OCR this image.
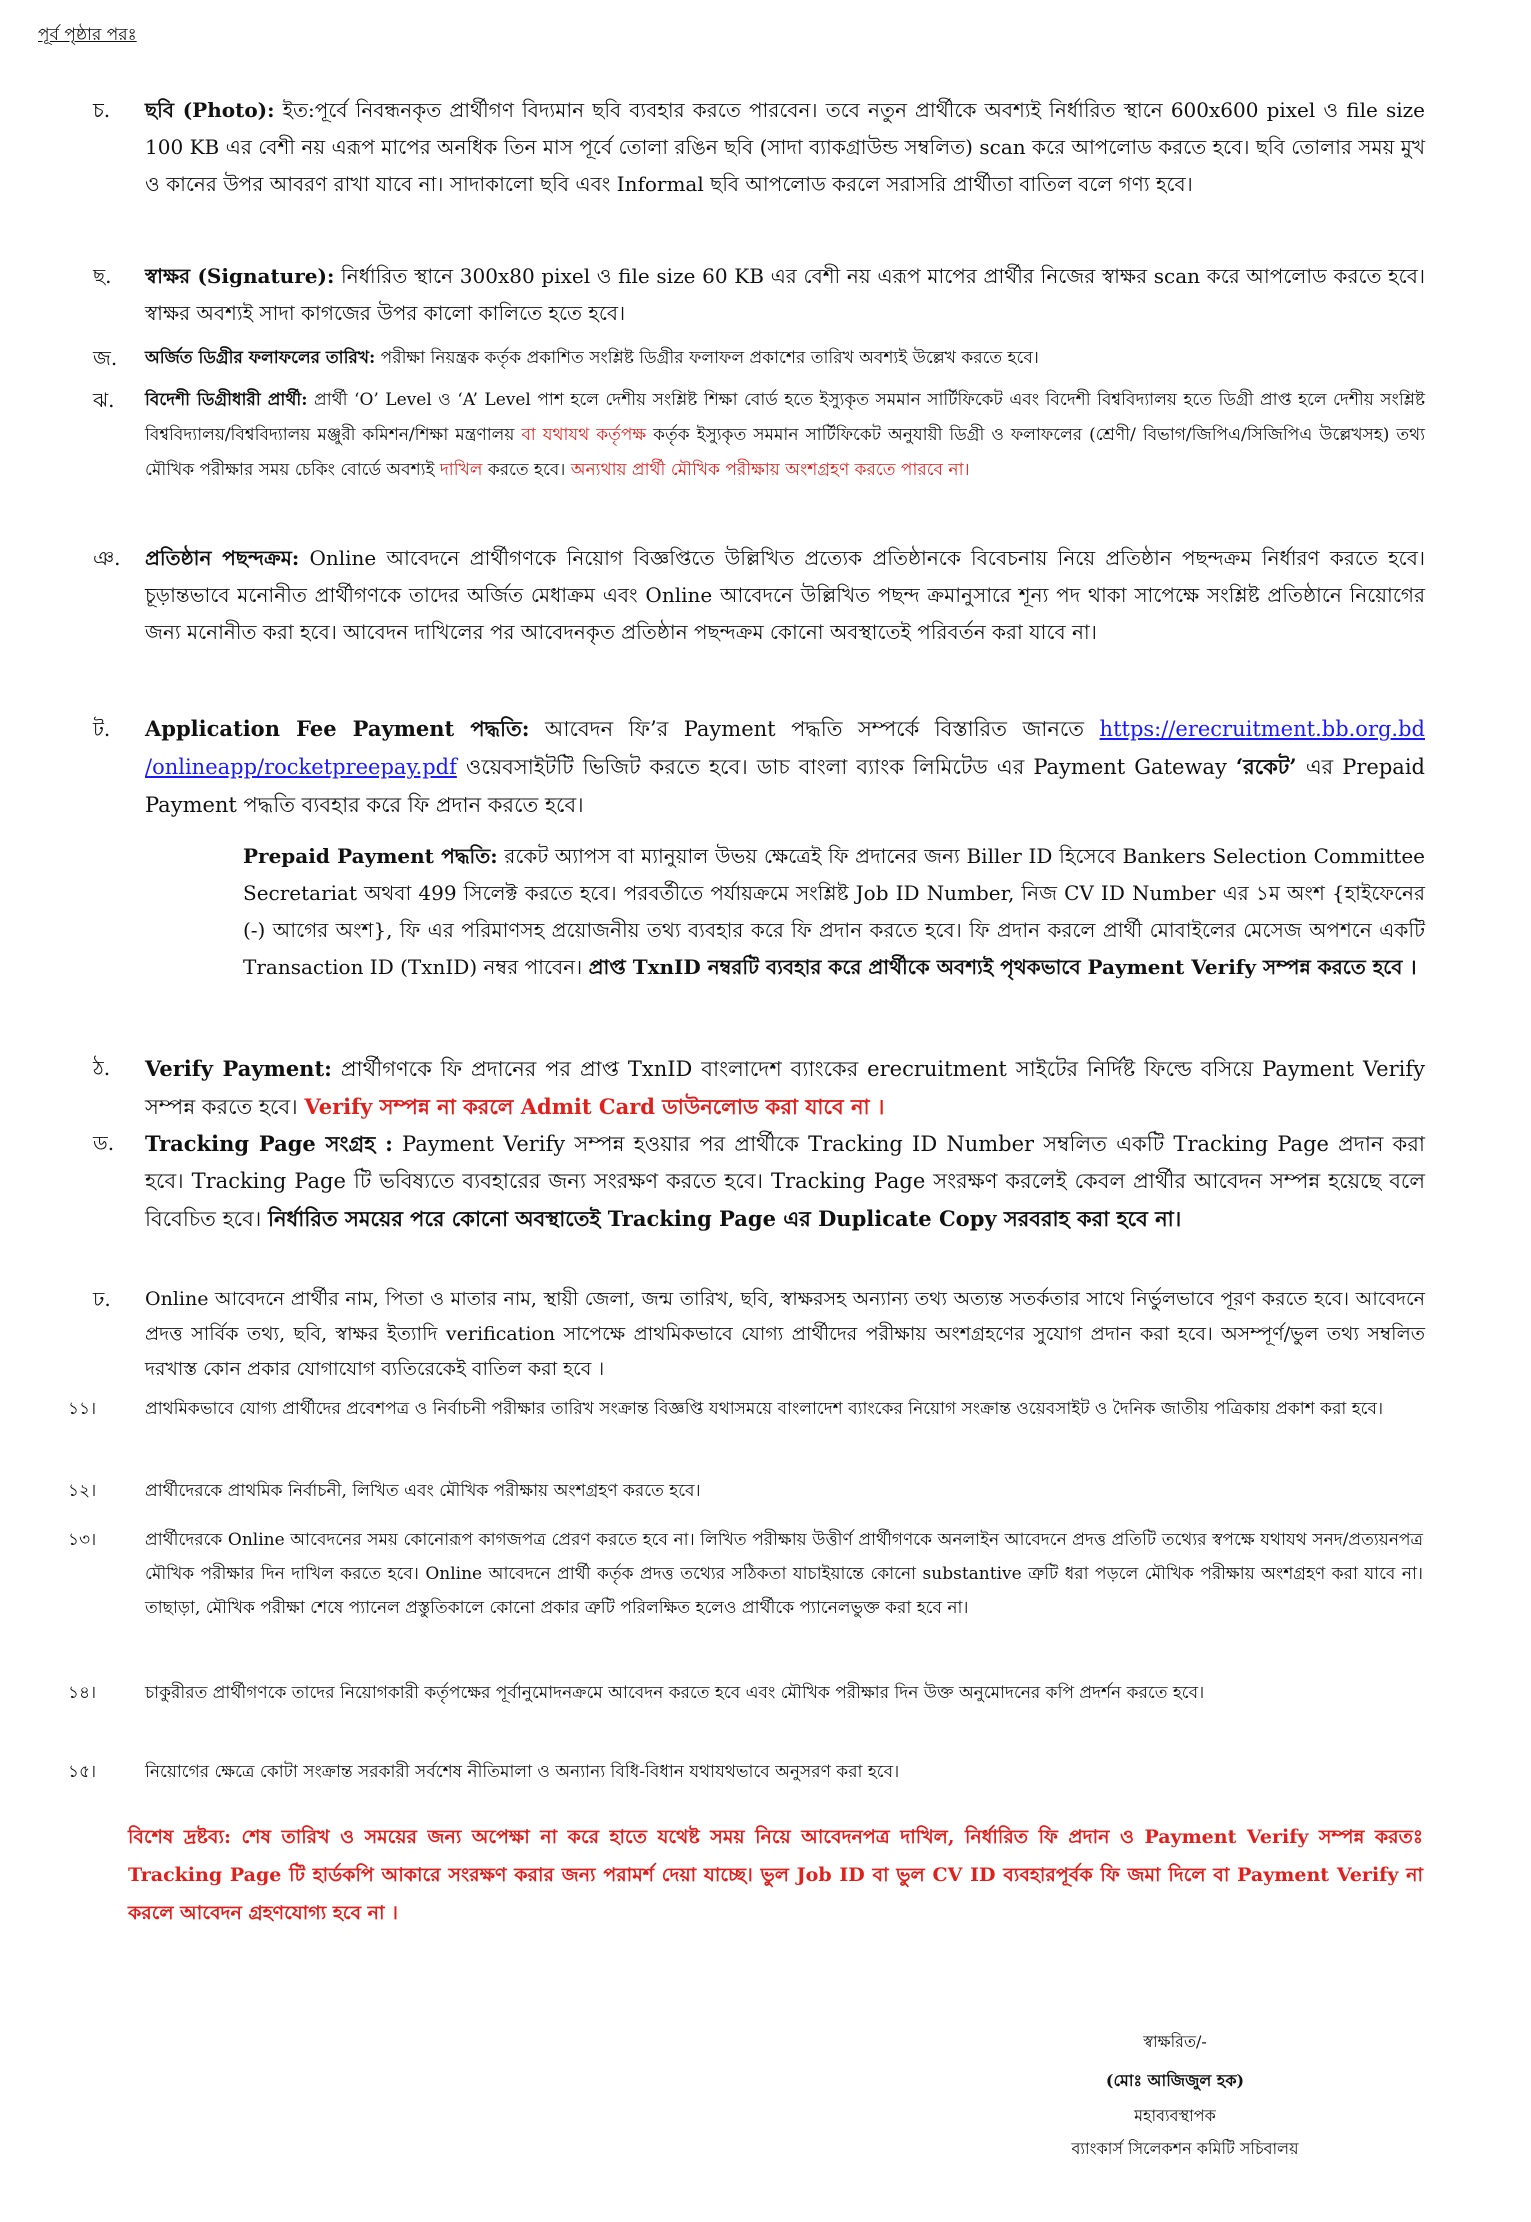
পূর্ব পৃষ্ঠার পরঃ
চ.	ছবি (Photo): ইত:পূর্বে নিবন্ধনকৃত প্রার্থীগণ বিদ্যমান ছবি ব্যবহার করতে পারবেন। তবে নতুন প্রার্থীকে অবশ্যই নির্ধারিত স্থানে 600x600 pixel ও file size 100 KB এর বেশী নয় এরূপ মাপের অনধিক তিন মাস পূর্বে তোলা রঙিন ছবি (সাদা ব্যাকগ্রাউন্ড সম্বলিত) scan করে আপলোড করতে হবে। ছবি তোলার সময় মুখ ও কানের উপর আবরণ রাখা যাবে না। সাদাকালো ছবি এবং Informal ছবি আপলোড করলে সরাসরি প্রার্থীতা বাতিল বলে গণ্য হবে।
ছ.	স্বাক্ষর (Signature): নির্ধারিত স্থানে 300x80 pixel ও file size 60 KB এর বেশী নয় এরূপ মাপের প্রার্থীর নিজের স্বাক্ষর scan করে আপলোড করতে হবে। স্বাক্ষর অবশ্যই সাদা কাগজের উপর কালো কালিতে হতে হবে।
জ.	অর্জিত ডিগ্রীর ফলাফলের তারিখ: পরীক্ষা নিয়ন্ত্রক কর্তৃক প্রকাশিত সংশ্লিষ্ট ডিগ্রীর ফলাফল প্রকাশের তারিখ অবশ্যই উল্লেখ করতে হবে।
ঝ.	বিদেশী ডিগ্রীধারী প্রার্থী: প্রার্থী ‘O’ Level ও ‘A’ Level পাশ হলে দেশীয় সংশ্লিষ্ট শিক্ষা বোর্ড হতে ইস্যুকৃত সমমান সার্টিফিকেট এবং বিদেশী বিশ্ববিদ্যালয় হতে ডিগ্রী প্রাপ্ত হলে দেশীয় সংশ্লিষ্ট বিশ্ববিদ্যালয়/বিশ্ববিদ্যালয় মঞ্জুরী কমিশন/শিক্ষা মন্ত্রণালয় বা যথাযথ কর্তৃপক্ষ কর্তৃক ইস্যুকৃত সমমান সার্টিফিকেট অনুযায়ী ডিগ্রী ও ফলাফলের (শ্রেণী/ বিভাগ/জিপিএ/সিজিপিএ উল্লেখসহ) তথ্য মৌখিক পরীক্ষার সময় চেকিং বোর্ডে অবশ্যই দাখিল করতে হবে। অন্যথায় প্রার্থী মৌখিক পরীক্ষায় অংশগ্রহণ করতে পারবে না।
ঞ.	প্রতিষ্ঠান পছন্দক্রম: Online আবেদনে প্রার্থীগণকে নিয়োগ বিজ্ঞপ্তিতে উল্লিখিত প্রত্যেক প্রতিষ্ঠানকে বিবেচনায় নিয়ে প্রতিষ্ঠান পছন্দক্রম নির্ধারণ করতে হবে। চূড়ান্তভাবে মনোনীত প্রার্থীগণকে তাদের অর্জিত মেধাক্রম এবং Online আবেদনে উল্লিখিত পছন্দ ক্রমানুসারে শূন্য পদ থাকা সাপেক্ষে সংশ্লিষ্ট প্রতিষ্ঠানে নিয়োগের জন্য মনোনীত করা হবে। আবেদন দাখিলের পর আবেদনকৃত প্রতিষ্ঠান পছন্দক্রম কোনো অবস্থাতেই পরিবর্তন করা যাবে না।
ট.	Application Fee Payment পদ্ধতি: আবেদন ফি’র Payment পদ্ধতি সম্পর্কে বিস্তারিত জানতে https://erecruitment.bb.org.bd /onlineapp/rocketpreepay.pdf ওয়েবসাইটটি ভিজিট করতে হবে। ডাচ বাংলা ব্যাংক লিমিটেড এর Payment Gateway ‘রকেট’ এর Prepaid Payment পদ্ধতি ব্যবহার করে ফি প্রদান করতে হবে।
Prepaid Payment পদ্ধতি: রকেট অ্যাপস বা ম্যানুয়াল উভয় ক্ষেত্রেই ফি প্রদানের জন্য Biller ID হিসেবে Bankers Selection Committee Secretariat অথবা 499 সিলেক্ট করতে হবে। পরবর্তীতে পর্যায়ক্রমে সংশ্লিষ্ট Job ID Number, নিজ CV ID Number এর ১ম অংশ {হাইফেনের (-) আগের অংশ}, ফি এর পরিমাণসহ প্রয়োজনীয় তথ্য ব্যবহার করে ফি প্রদান করতে হবে। ফি প্রদান করলে প্রার্থী মোবাইলের মেসেজ অপশনে একটি Transaction ID (TxnID) নম্বর পাবেন। প্রাপ্ত TxnID নম্বরটি ব্যবহার করে প্রার্থীকে অবশ্যই পৃথকভাবে Payment Verify সম্পন্ন করতে হবে ।
ঠ.	Verify Payment: প্রার্থীগণকে ফি প্রদানের পর প্রাপ্ত TxnID বাংলাদেশ ব্যাংকের erecruitment সাইটের নির্দিষ্ট ফিল্ডে বসিয়ে Payment Verify সম্পন্ন করতে হবে। Verify সম্পন্ন না করলে Admit Card ডাউনলোড করা যাবে না ।
ড.	Tracking Page সংগ্রহ : Payment Verify সম্পন্ন হওয়ার পর প্রার্থীকে Tracking ID Number সম্বলিত একটি Tracking Page প্রদান করা হবে। Tracking Page টি ভবিষ্যতে ব্যবহারের জন্য সংরক্ষণ করতে হবে। Tracking Page সংরক্ষণ করলেই কেবল প্রার্থীর আবেদন সম্পন্ন হয়েছে বলে বিবেচিত হবে। নির্ধারিত সময়ের পরে কোনো অবস্থাতেই Tracking Page এর Duplicate Copy সরবরাহ করা হবে না।
ঢ.	Online আবেদনে প্রার্থীর নাম, পিতা ও মাতার নাম, স্থায়ী জেলা, জন্ম তারিখ, ছবি, স্বাক্ষরসহ অন্যান্য তথ্য অত্যন্ত সতর্কতার সাথে নির্ভুলভাবে পূরণ করতে হবে। আবেদনে প্রদত্ত সার্বিক তথ্য, ছবি, স্বাক্ষর ইত্যাদি verification সাপেক্ষে প্রাথমিকভাবে যোগ্য প্রার্থীদের পরীক্ষায় অংশগ্রহণের সুযোগ প্রদান করা হবে। অসম্পূর্ণ/ভুল তথ্য সম্বলিত দরখাস্ত কোন প্রকার যোগাযোগ ব্যতিরেকেই বাতিল করা হবে ।
১১।	প্রাথমিকভাবে যোগ্য প্রার্থীদের প্রবেশপত্র ও নির্বাচনী পরীক্ষার তারিখ সংক্রান্ত বিজ্ঞপ্তি যথাসময়ে বাংলাদেশ ব্যাংকের নিয়োগ সংক্রান্ত ওয়েবসাইট ও দৈনিক জাতীয় পত্রিকায় প্রকাশ করা হবে।
১২।	প্রার্থীদেরকে প্রাথমিক নির্বাচনী, লিখিত এবং মৌখিক পরীক্ষায় অংশগ্রহণ করতে হবে।
১৩।	প্রার্থীদেরকে Online আবেদনের সময় কোনোরূপ কাগজপত্র প্রেরণ করতে হবে না। লিখিত পরীক্ষায় উত্তীর্ণ প্রার্থীগণকে অনলাইন আবেদনে প্রদত্ত প্রতিটি তথ্যের স্বপক্ষে যথাযথ সনদ/প্রত্যয়নপত্র মৌখিক পরীক্ষার দিন দাখিল করতে হবে। Online আবেদনে প্রার্থী কর্তৃক প্রদত্ত তথ্যের সঠিকতা যাচাইয়ান্তে কোনো substantive ত্রুটি ধরা পড়লে মৌখিক পরীক্ষায় অংশগ্রহণ করা যাবে না। তাছাড়া, মৌখিক পরীক্ষা শেষে প্যানেল প্রস্তুতিকালে কোনো প্রকার ত্রুটি পরিলক্ষিত হলেও প্রার্থীকে প্যানেলভুক্ত করা হবে না।
১৪।	চাকুরীরত প্রার্থীগণকে তাদের নিয়োগকারী কর্তৃপক্ষের পূর্বানুমোদনক্রমে আবেদন করতে হবে এবং মৌখিক পরীক্ষার দিন উক্ত অনুমোদনের কপি প্রদর্শন করতে হবে।
১৫।	নিয়োগের ক্ষেত্রে কোটা সংক্রান্ত সরকারী সর্বশেষ নীতিমালা ও অন্যান্য বিধি-বিধান যথাযথভাবে অনুসরণ করা হবে।
বিশেষ দ্রষ্টব্য: শেষ তারিখ ও সময়ের জন্য অপেক্ষা না করে হাতে যথেষ্ট সময় নিয়ে আবেদনপত্র দাখিল, নির্ধারিত ফি প্রদান ও Payment Verify সম্পন্ন করতঃ Tracking Page টি হার্ডকপি আকারে সংরক্ষণ করার জন্য পরামর্শ দেয়া যাচ্ছে। ভুল Job ID বা ভুল CV ID ব্যবহারপূর্বক ফি জমা দিলে বা Payment Verify না করলে আবেদন গ্রহণযোগ্য হবে না ।
স্বাক্ষরিত/-
(মোঃ আজিজুল হক)
মহাব্যবস্থাপক
ব্যাংকার্স সিলেকশন কমিটি সচিবালয়
